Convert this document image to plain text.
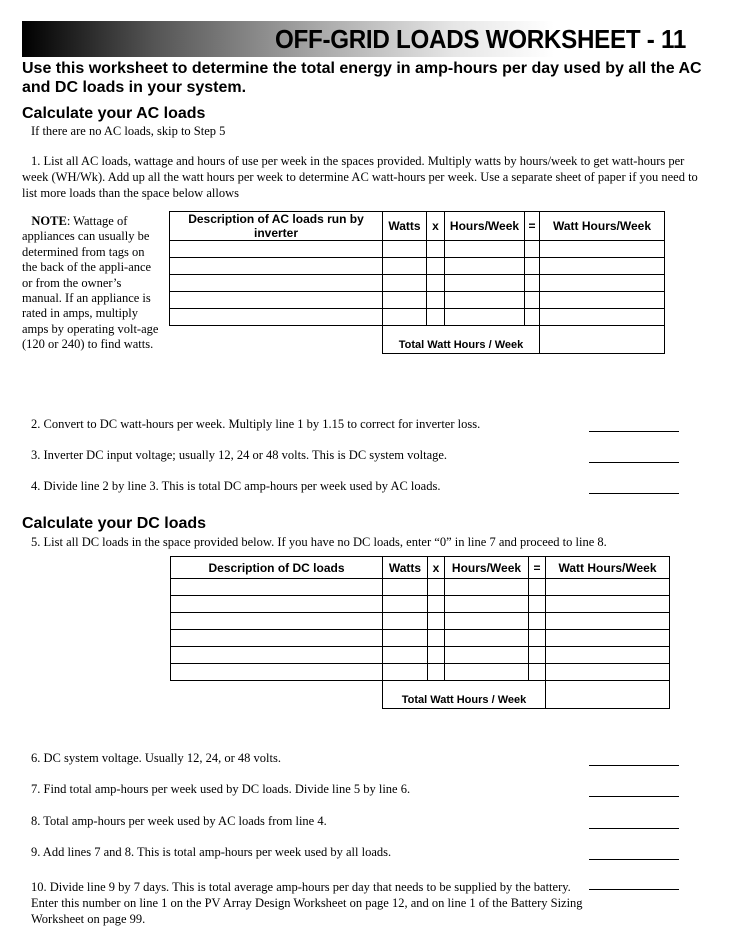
OFF-GRID LOADS WORKSHEET - 11
Use this worksheet to determine the total energy in amp-hours per day used by all the AC and DC loads in your system.
Calculate your AC loads
If there are no AC loads, skip to Step 5
1. List all AC loads, wattage and hours of use per week in the spaces provided. Multiply watts by hours/week to get watt-hours per week (WH/Wk). Add up all the watt hours per week to determine AC watt-hours per week. Use a separate sheet of paper if you need to list more loads than the space below allows
NOTE: Wattage of appliances can usually be determined from tags on the back of the appli-ance or from the owner’s manual. If an appliance is rated in amps, multiply amps by operating volt-age (120 or 240) to find watts.
Description of AC loads run by inverter	Watts	x	Hours/Week	=	Watt Hours/Week

	Total Watt Hours / Week				
2. Convert to DC watt-hours per week. Multiply line 1 by 1.15 to correct for inverter loss.
3. Inverter DC input voltage; usually 12, 24 or 48 volts. This is DC system voltage.
4. Divide line 2 by line 3. This is total DC amp-hours per week used by AC loads.
Calculate your DC loads
5. List all DC loads in the space provided below. If you have no DC loads, enter “0” in line 7 and proceed to line 8.
Description of DC loads	Watts	x	Hours/Week	=	Watt Hours/Week

	Total Watt Hours / Week				
6. DC system voltage. Usually 12, 24, or 48 volts.
7. Find total amp-hours per week used by DC loads. Divide line 5 by line 6.
8. Total amp-hours per week used by AC loads from line 4.
9. Add lines 7 and 8. This is total amp-hours per week used by all loads.
10. Divide line 9 by 7 days. This is total average amp-hours per day that needs to be supplied by the battery.
Enter this number on line 1 on the PV Array Design Worksheet on page 12, and on line 1 of the Battery Sizing Worksheet on page 99.
